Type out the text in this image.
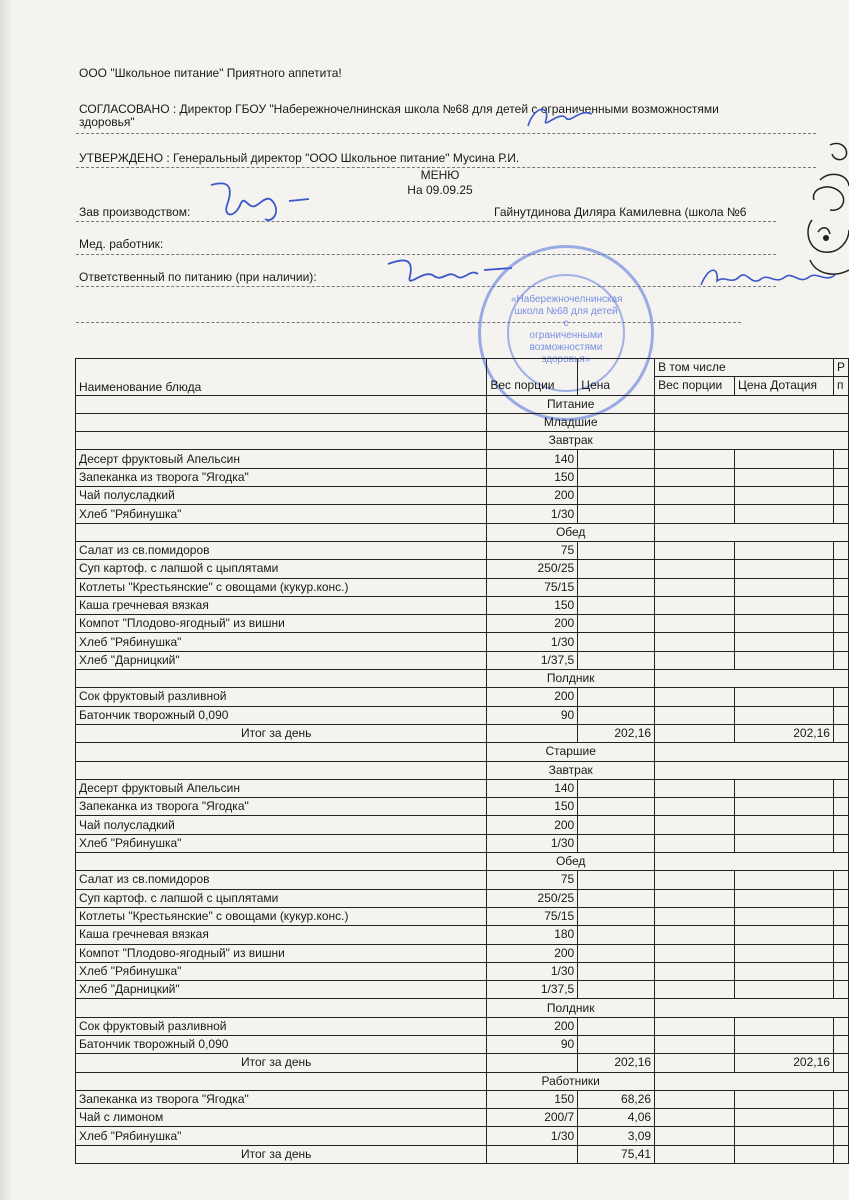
ООО "Школьное питание" Приятного аппетита!
СОГЛАСОВАНО : Директор ГБОУ "Набережночелнинская школа №68 для детей с ограниченными возможностями
здоровья"
УТВЕРЖДЕНО : Генеральный директор "ООО Школьное питание" Мусина Р.И.
МЕНЮ
На 09.09.25
Зав производством:	Гайнутдинова Диляра Камилевна (школа №6
Мед. работник:
Ответственный по питанию (при наличии):
«Набережночелнинская
школа №68 для детей с
ограниченными
возможностями
здоровья»
Наименование блюда			В том числе		Р
	Вес порции	Цена	Вес порции	Цена Дотация	п
	Питание				
	Младшие				
	Завтрак				
Десерт фруктовый Апельсин	140				
Запеканка из творога "Ягодка"	150				
Чай полусладкий	200				
Хлеб "Рябинушка"	1/30				
	Обед				
Салат из св.помидоров	75				
Суп картоф. с лапшой с цыплятами	250/25				
Котлеты "Крестьянские" с овощами (кукур.конс.)	75/15				
Каша гречневая вязкая	150				
Компот "Плодово-ягодный" из вишни	200				
Хлеб "Рябинушка"	1/30				
Хлеб "Дарницкий"	1/37,5				
	Полдник				
Сок фруктовый разливной	200				
Батончик творожный 0,090	90				
Итог за день		202,16		202,16	
	Старшие				
	Завтрак				
Десерт фруктовый Апельсин	140				
Запеканка из творога "Ягодка"	150				
Чай полусладкий	200				
Хлеб "Рябинушка"	1/30				
	Обед				
Салат из св.помидоров	75				
Суп картоф. с лапшой с цыплятами	250/25				
Котлеты "Крестьянские" с овощами (кукур.конс.)	75/15				
Каша гречневая вязкая	180				
Компот "Плодово-ягодный" из вишни	200				
Хлеб "Рябинушка"	1/30				
Хлеб "Дарницкий"	1/37,5				
	Полдник				
Сок фруктовый разливной	200				
Батончик творожный 0,090	90				
Итог за день		202,16		202,16	
	Работники				
Запеканка из творога "Ягодка"	150	68,26			
Чай с лимоном	200/7	4,06			
Хлеб "Рябинушка"	1/30	3,09			
Итог за день		75,41			
